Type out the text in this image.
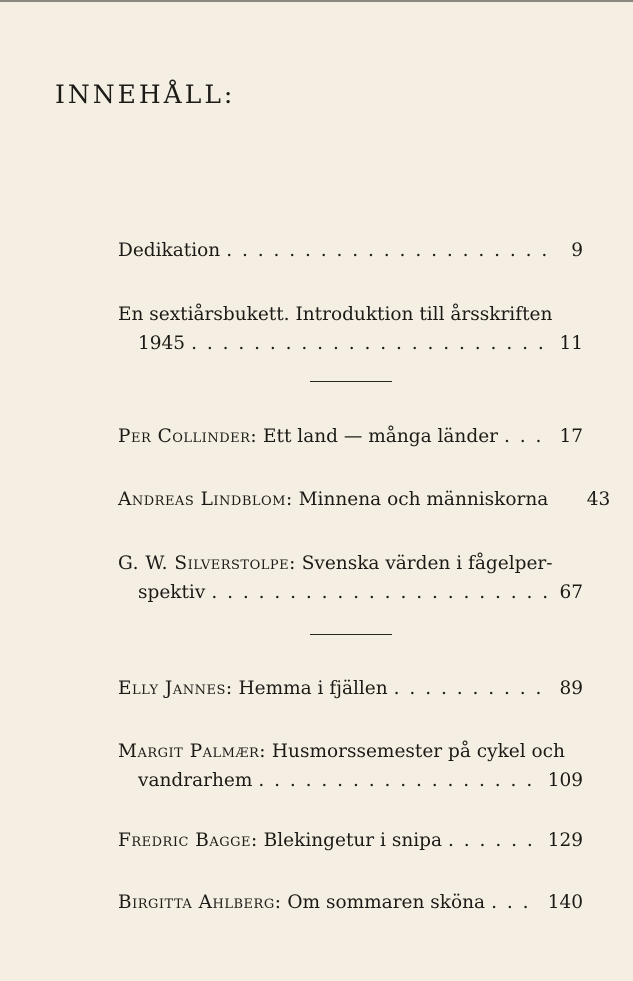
INNEHÅLL:
Dedikation . . .	9
En sextiårsbukett. Introduktion till årsskriften
1945 . . .	11
Per Collinder: Ett land — många länder . . .	17
Andreas Lindblom: Minnena och människorna	43
G. W. Silverstolpe: Svenska värden i fågelper-
spektiv . . .	67
Elly Jannes: Hemma i fjällen . . .	89
Margit Palmær: Husmorssemester på cykel och
vandrarhem . . .	109
Fredric Bagge: Blekingetur i snipa . . .	129
Birgitta Ahlberg: Om sommaren sköna . . .	140
